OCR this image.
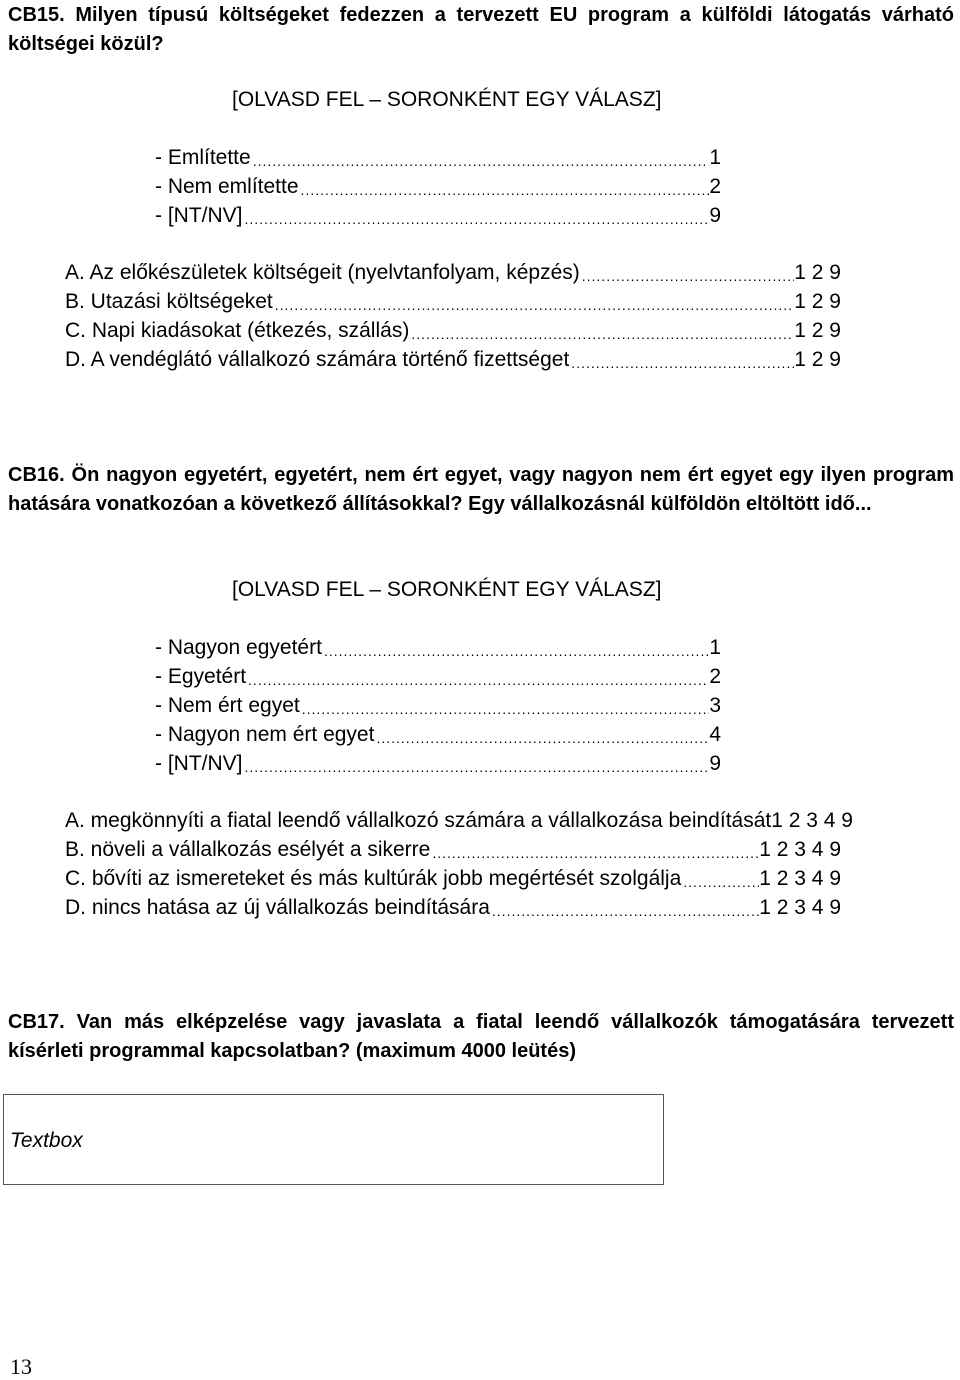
CB15. Milyen típusú költségeket fedezzen a tervezett EU program a külföldi látogatás várható költségei közül?
[OLVASD FEL – SORONKÉNT EGY VÁLASZ]
- Említette .....	1
- Nem említette .....	2
- [NT/NV] .....	9
A. Az előkészületek költségeit (nyelvtanfolyam, képzés) .....	1 2 9
B. Utazási költségeket .....	1 2 9
C. Napi kiadásokat (étkezés, szállás) .....	1 2 9
D. A vendéglátó vállalkozó számára történő fizettséget .....	1 2 9
CB16. Ön nagyon egyetért, egyetért, nem ért egyet, vagy nagyon nem ért egyet egy ilyen program hatására vonatkozóan a következő állításokkal? Egy vállalkozásnál külföldön eltöltött idő...
[OLVASD FEL – SORONKÉNT EGY VÁLASZ]
- Nagyon egyetért .....	1
- Egyetért .....	2
- Nem ért egyet .....	3
- Nagyon nem ért egyet .....	4
- [NT/NV] .....	9
A. megkönnyíti a fiatal leendő vállalkozó számára a vállalkozása beindítását 1 2 3 4 9
B. növeli a vállalkozás esélyét a sikerre .....	1 2 3 4 9
C. bővíti az ismereteket és más kultúrák jobb megértését szolgálja .....	1 2 3 4 9
D. nincs hatása az új vállalkozás beindítására .....	1 2 3 4 9
CB17. Van más elképzelése vagy javaslata a fiatal leendő vállalkozók támogatására tervezett kísérleti programmal kapcsolatban? (maximum 4000 leütés)
Textbox
13
